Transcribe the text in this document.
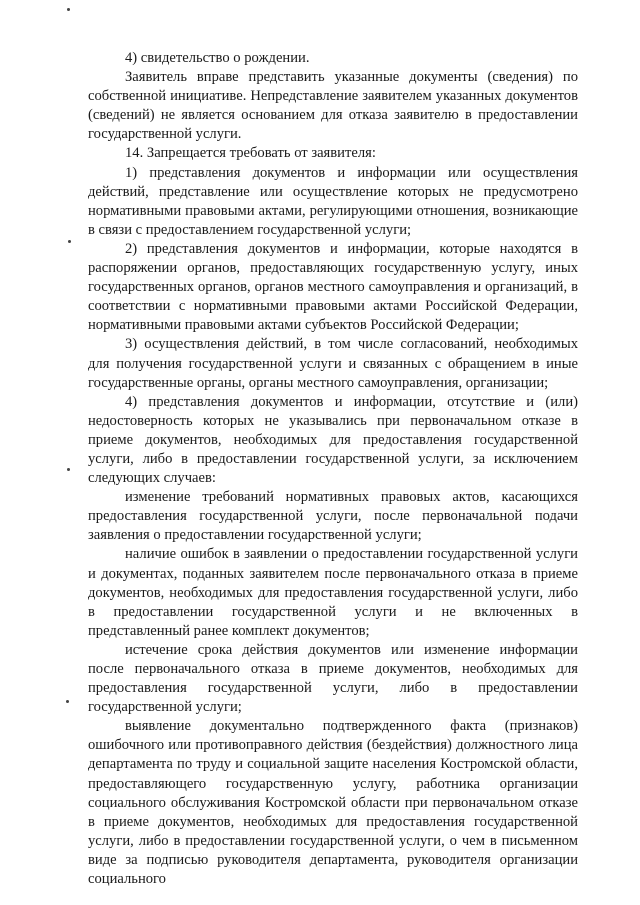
4) свидетельство о рождении.

Заявитель вправе представить указанные документы (сведения) по собственной инициативе. Непредставление заявителем указанных документов (сведений) не является основанием для отказа заявителю в предоставлении государственной услуги.

14. Запрещается требовать от заявителя:

1) представления документов и информации или осуществления действий, представление или осуществление которых не предусмотрено нормативными правовыми актами, регулирующими отношения, возникающие в связи с предоставлением государственной услуги;

2) представления документов и информации, которые находятся в распоряжении органов, предоставляющих государственную услугу, иных государственных органов, органов местного самоуправления и организаций, в соответствии с нормативными правовыми актами Российской Федерации, нормативными правовыми актами субъектов Российской Федерации;

3) осуществления действий, в том числе согласований, необходимых для получения государственной услуги и связанных с обращением в иные государственные органы, органы местного самоуправления, организации;

4) представления документов и информации, отсутствие и (или) недостоверность которых не указывались при первоначальном отказе в приеме документов, необходимых для предоставления государственной услуги, либо в предоставлении государственной услуги, за исключением следующих случаев:

изменение требований нормативных правовых актов, касающихся предоставления государственной услуги, после первоначальной подачи заявления о предоставлении государственной услуги;

наличие ошибок в заявлении о предоставлении государственной услуги и документах, поданных заявителем после первоначального отказа в приеме документов, необходимых для предоставления государственной услуги, либо в предоставлении государственной услуги и не включенных в представленный ранее комплект документов;

истечение срока действия документов или изменение информации после первоначального отказа в приеме документов, необходимых для предоставления государственной услуги, либо в предоставлении государственной услуги;

выявление документально подтвержденного факта (признаков) ошибочного или противоправного действия (бездействия) должностного лица департамента по труду и социальной защите населения Костромской области, предоставляющего государственную услугу, работника организации социального обслуживания Костромской области при первоначальном отказе в приеме документов, необходимых для предоставления государственной услуги, либо в предоставлении государственной услуги, о чем в письменном виде за подписью руководителя департамента, руководителя организации социального
